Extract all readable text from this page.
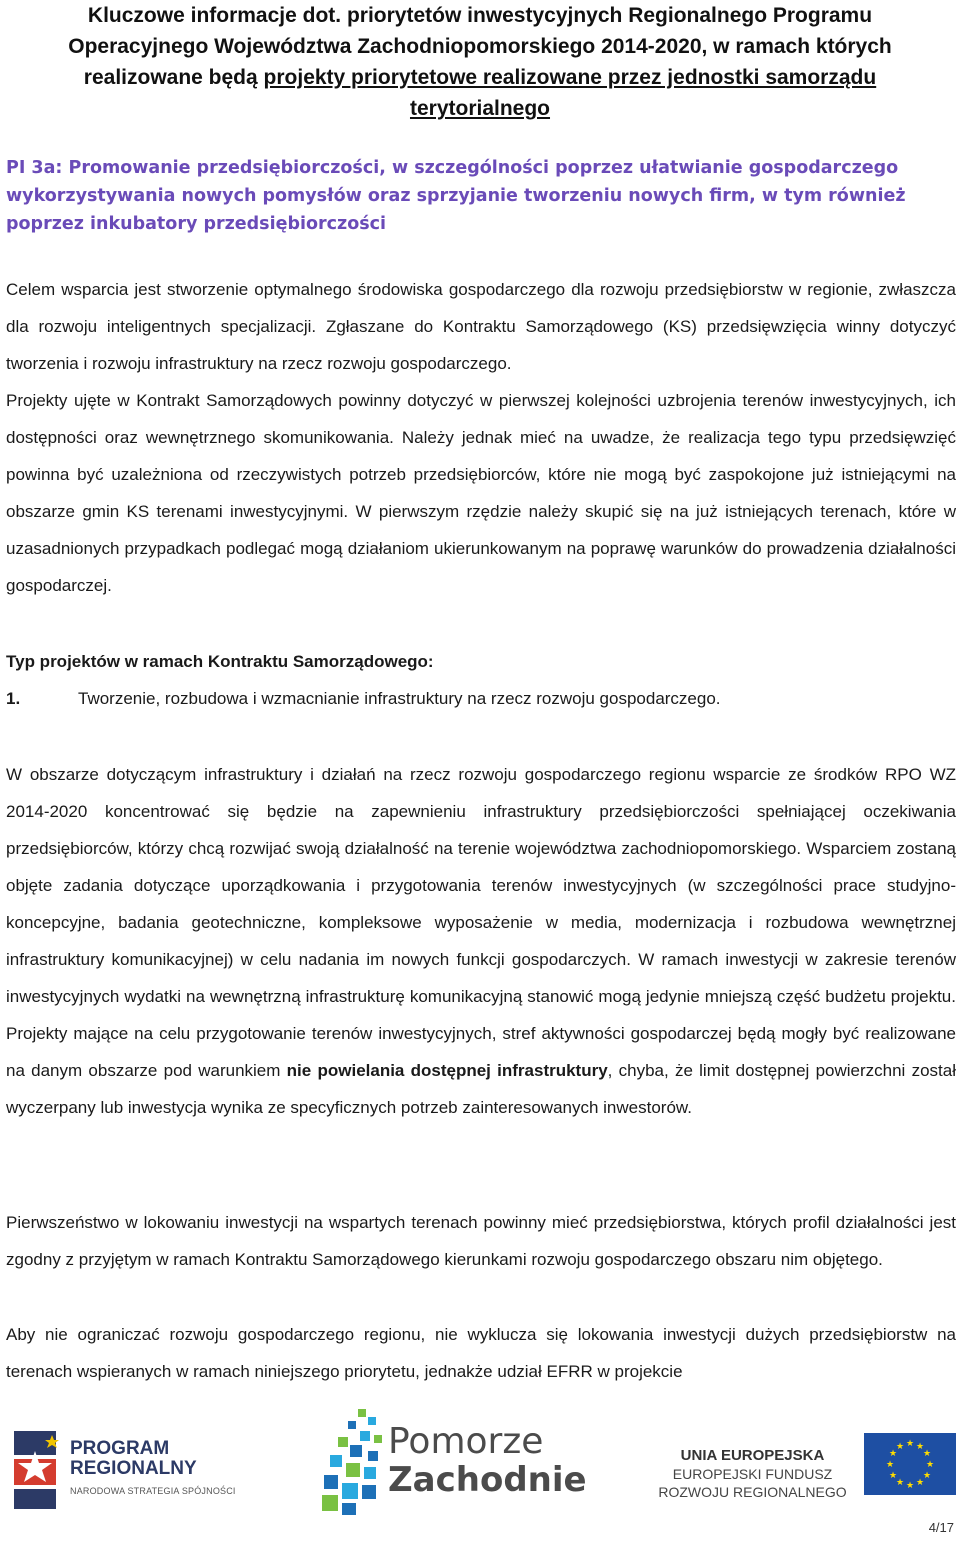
Kluczowe informacje dot. priorytetów inwestycyjnych Regionalnego Programu
Operacyjnego Województwa Zachodniopomorskiego 2014-2020, w ramach których
realizowane będą projekty priorytetowe realizowane przez jednostki samorządu
terytorialnego

PI 3a: Promowanie przedsiębiorczości, w szczególności poprzez ułatwianie gospodarczego wykorzystywania nowych pomysłów oraz sprzyjanie tworzeniu nowych firm, w tym również poprzez inkubatory przedsiębiorczości

Celem wsparcia jest stworzenie optymalnego środowiska gospodarczego dla rozwoju przedsiębiorstw w regionie, zwłaszcza dla rozwoju inteligentnych specjalizacji. Zgłaszane do Kontraktu Samorządowego (KS) przedsięwzięcia winny dotyczyć tworzenia i rozwoju infrastruktury na rzecz rozwoju gospodarczego.

Projekty ujęte w Kontrakt Samorządowych powinny dotyczyć w pierwszej kolejności uzbrojenia terenów inwestycyjnych, ich dostępności oraz wewnętrznego skomunikowania. Należy jednak mieć na uwadze, że realizacja tego typu przedsięwzięć powinna być uzależniona od rzeczywistych potrzeb przedsiębiorców, które nie mogą być zaspokojone już istniejącymi na obszarze gmin KS terenami inwestycyjnymi. W pierwszym rzędzie należy skupić się na już istniejących terenach, które w uzasadnionych przypadkach podlegać mogą działaniom ukierunkowanym na poprawę warunków do prowadzenia działalności gospodarczej.

Typ projektów w ramach Kontraktu Samorządowego:

1.	Tworzenie, rozbudowa i wzmacnianie infrastruktury na rzecz rozwoju gospodarczego.

W obszarze dotyczącym infrastruktury i działań na rzecz rozwoju gospodarczego regionu wsparcie ze środków RPO WZ 2014-2020 koncentrować się będzie na zapewnieniu infrastruktury przedsiębiorczości spełniającej oczekiwania przedsiębiorców, którzy chcą rozwijać swoją działalność na terenie województwa zachodniopomorskiego. Wsparciem zostaną objęte zadania dotyczące uporządkowania i przygotowania terenów inwestycyjnych (w szczególności prace studyjno-koncepcyjne, badania geotechniczne, kompleksowe wyposażenie w media, modernizacja i rozbudowa wewnętrznej infrastruktury komunikacyjnej) w celu nadania im nowych funkcji gospodarczych. W ramach inwestycji w zakresie terenów inwestycyjnych wydatki na wewnętrzną infrastrukturę komunikacyjną stanowić mogą jedynie mniejszą część budżetu projektu. Projekty mające na celu przygotowanie terenów inwestycyjnych, stref aktywności gospodarczej będą mogły być realizowane na danym obszarze pod warunkiem nie powielania dostępnej infrastruktury, chyba, że limit dostępnej powierzchni został wyczerpany lub inwestycja wynika ze specyficznych potrzeb zainteresowanych inwestorów.

Pierwszeństwo w lokowaniu inwestycji na wspartych terenach powinny mieć przedsiębiorstwa, których profil działalności jest zgodny z przyjętym w ramach Kontraktu Samorządowego kierunkami rozwoju gospodarczego obszaru nim objętego.

Aby nie ograniczać rozwoju gospodarczego regionu, nie wyklucza się lokowania inwestycji dużych przedsiębiorstw na terenach wspieranych w ramach niniejszego priorytetu, jednakże udział EFRR w projekcie

PROGRAM
REGIONALNY
NARODOWA STRATEGIA SPÓJNOŚCI
Pomorze
Zachodnie
UNIA EUROPEJSKA
EUROPEJSKI FUNDUSZ
ROZWOJU REGIONALNEGO
★ ★
★
★
★
★
★
★
★
★
★
★
4/17
